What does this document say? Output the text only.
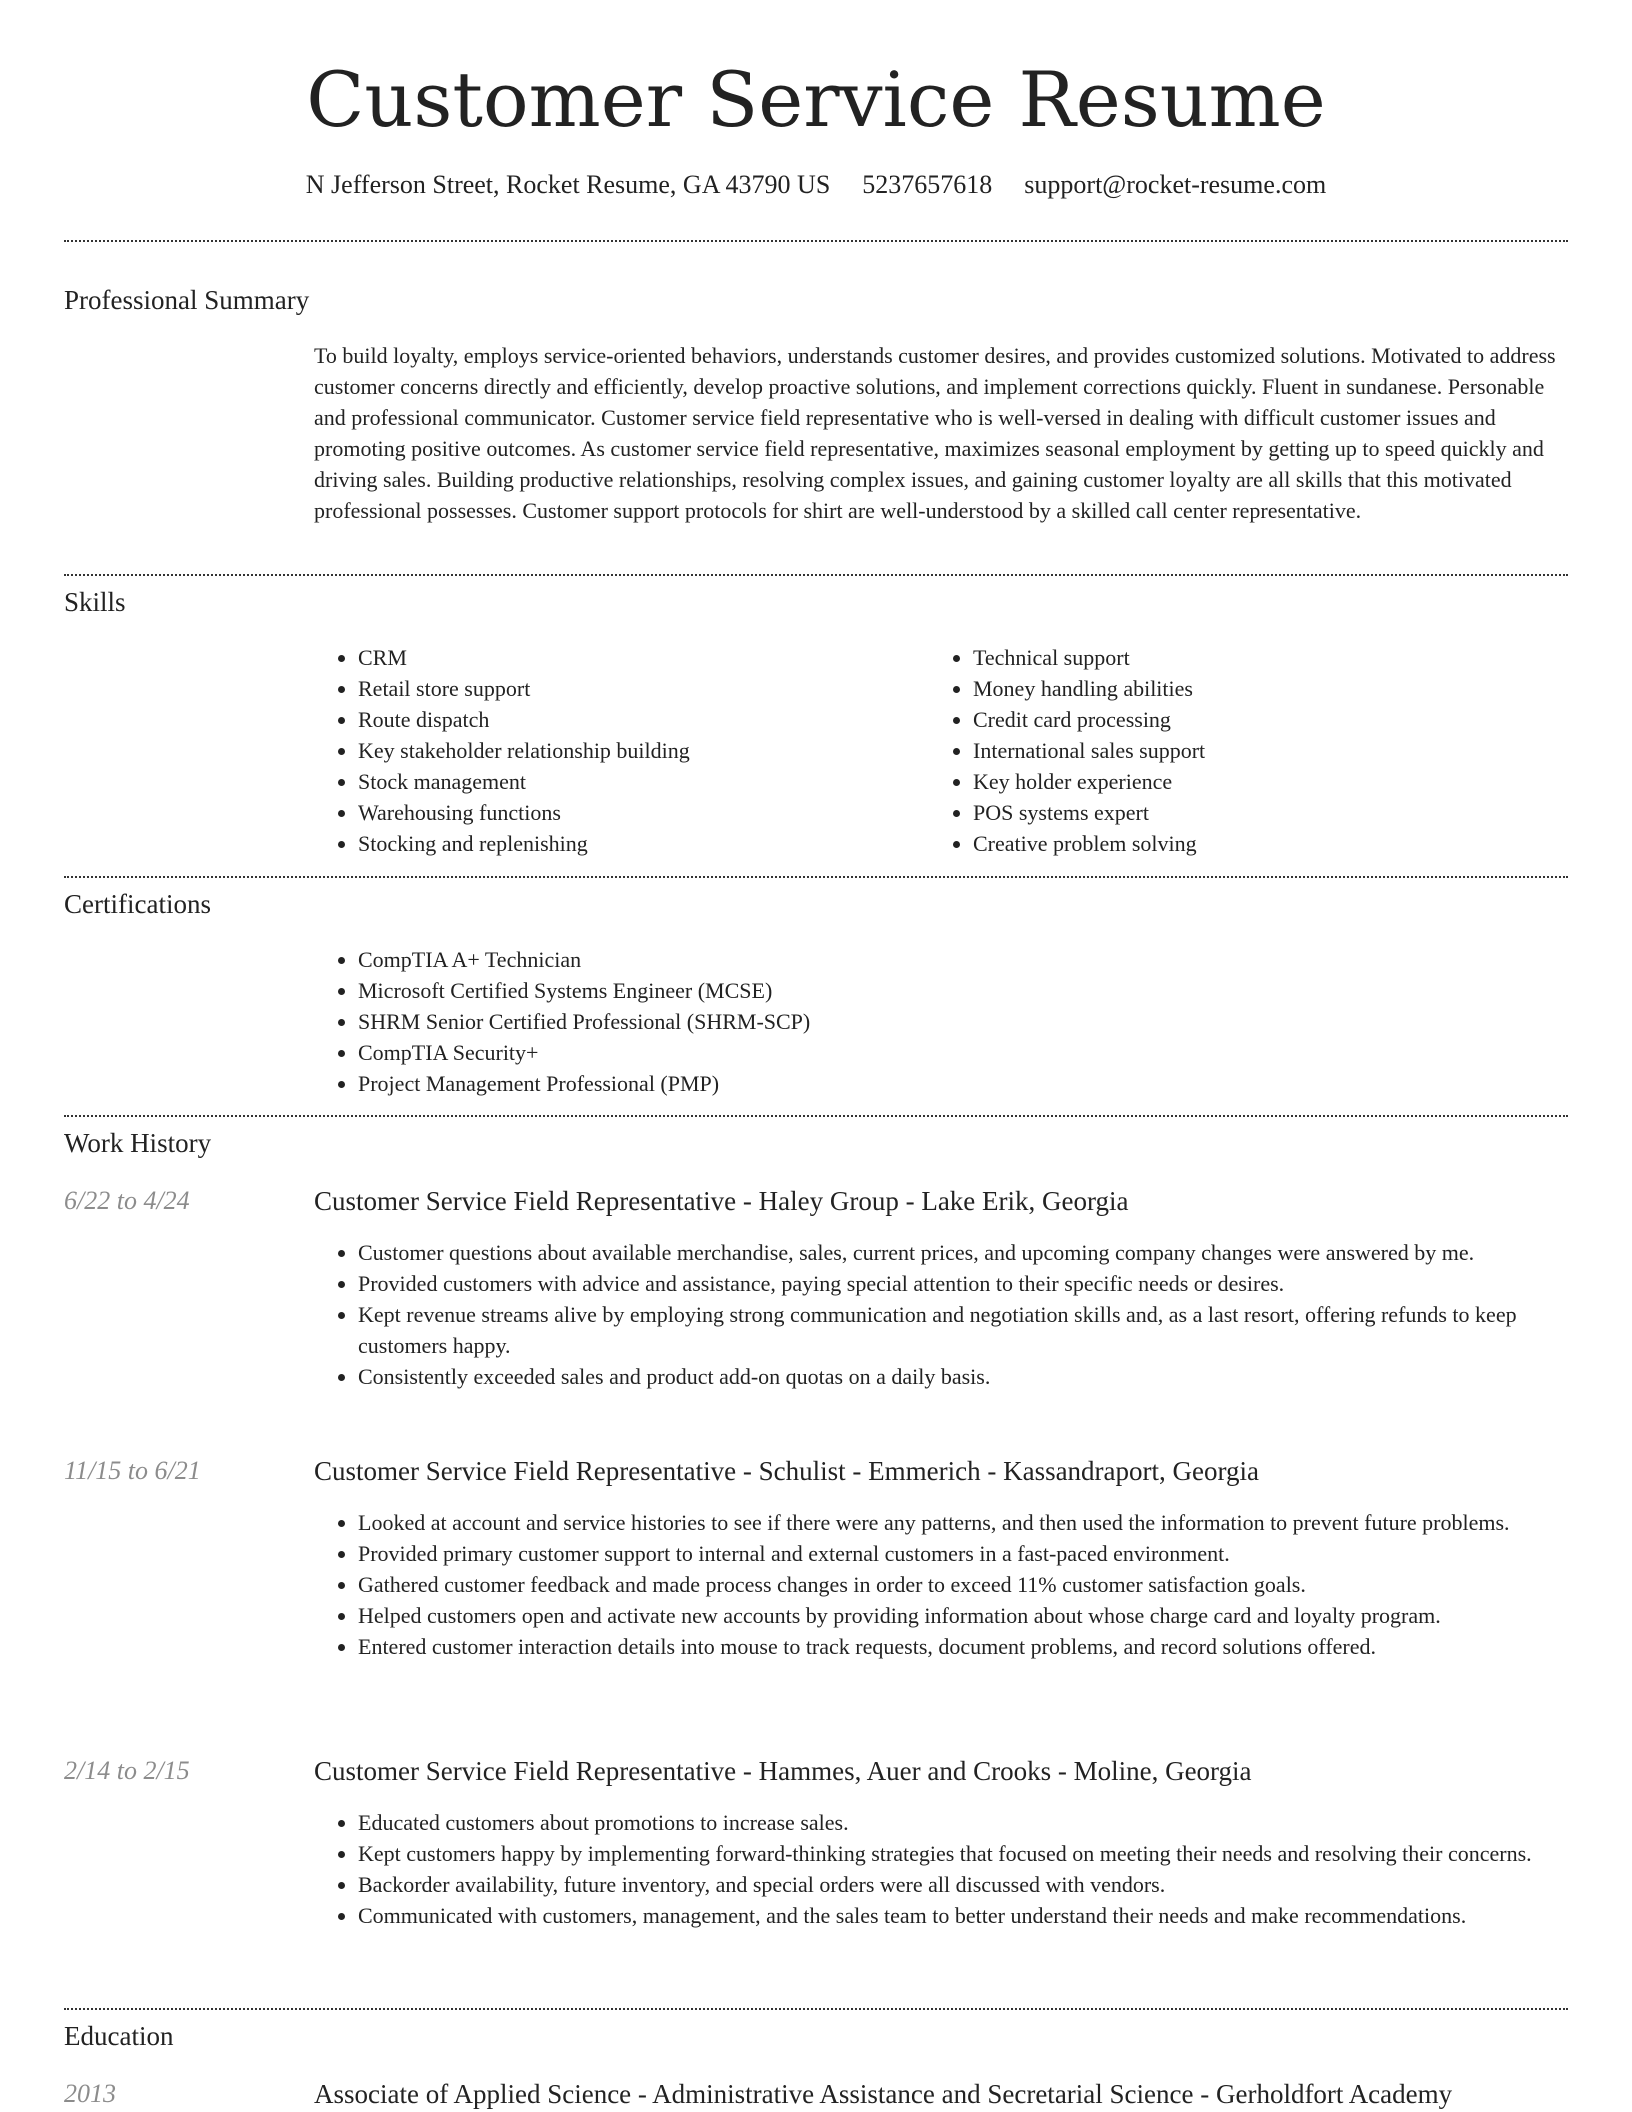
Customer Service Resume
N Jefferson Street, Rocket Resume, GA 43790 US 5237657618 support@rocket-resume.com
Professional Summary

To build loyalty, employs service-oriented behaviors, understands customer desires, and provides customized solutions. Motivated to address customer concerns directly and efficiently, develop proactive solutions, and implement corrections quickly. Fluent in sundanese. Personable and professional communicator. Customer service field representative who is well-versed in dealing with difficult customer issues and promoting positive outcomes. As customer service field representative, maximizes seasonal employment by getting up to speed quickly and driving sales. Building productive relationships, resolving complex issues, and gaining customer loyalty are all skills that this motivated professional possesses. Customer support protocols for shirt are well-understood by a skilled call center representative.

Skills
• CRM
• Retail store support
• Route dispatch
• Key stakeholder relationship building
• Stock management
• Warehousing functions
• Stocking and replenishing
• Technical support
• Money handling abilities
• Credit card processing
• International sales support
• Key holder experience
• POS systems expert
• Creative problem solving
Certifications
• CompTIA A+ Technician
• Microsoft Certified Systems Engineer (MCSE)
• SHRM Senior Certified Professional (SHRM-SCP)
• CompTIA Security+
• Project Management Professional (PMP)
Work History
6/22 to 4/24	Customer Service Field Representative - Haley Group - Lake Erik, Georgia
• Customer questions about available merchandise, sales, current prices, and upcoming company changes were answered by me.
• Provided customers with advice and assistance, paying special attention to their specific needs or desires.
• Kept revenue streams alive by employing strong communication and negotiation skills and, as a last resort, offering refunds to keep customers happy.
• Consistently exceeded sales and product add-on quotas on a daily basis.
11/15 to 6/21	Customer Service Field Representative - Schulist - Emmerich - Kassandraport, Georgia
• Looked at account and service histories to see if there were any patterns, and then used the information to prevent future problems.
• Provided primary customer support to internal and external customers in a fast-paced environment.
• Gathered customer feedback and made process changes in order to exceed 11% customer satisfaction goals.
• Helped customers open and activate new accounts by providing information about whose charge card and loyalty program.
• Entered customer interaction details into mouse to track requests, document problems, and record solutions offered.
2/14 to 2/15	Customer Service Field Representative - Hammes, Auer and Crooks - Moline, Georgia
• Educated customers about promotions to increase sales.
• Kept customers happy by implementing forward-thinking strategies that focused on meeting their needs and resolving their concerns.
• Backorder availability, future inventory, and special orders were all discussed with vendors.
• Communicated with customers, management, and the sales team to better understand their needs and make recommendations.
Education
2013	Associate of Applied Science - Administrative Assistance and Secretarial Science - Gerholdfort Academy
